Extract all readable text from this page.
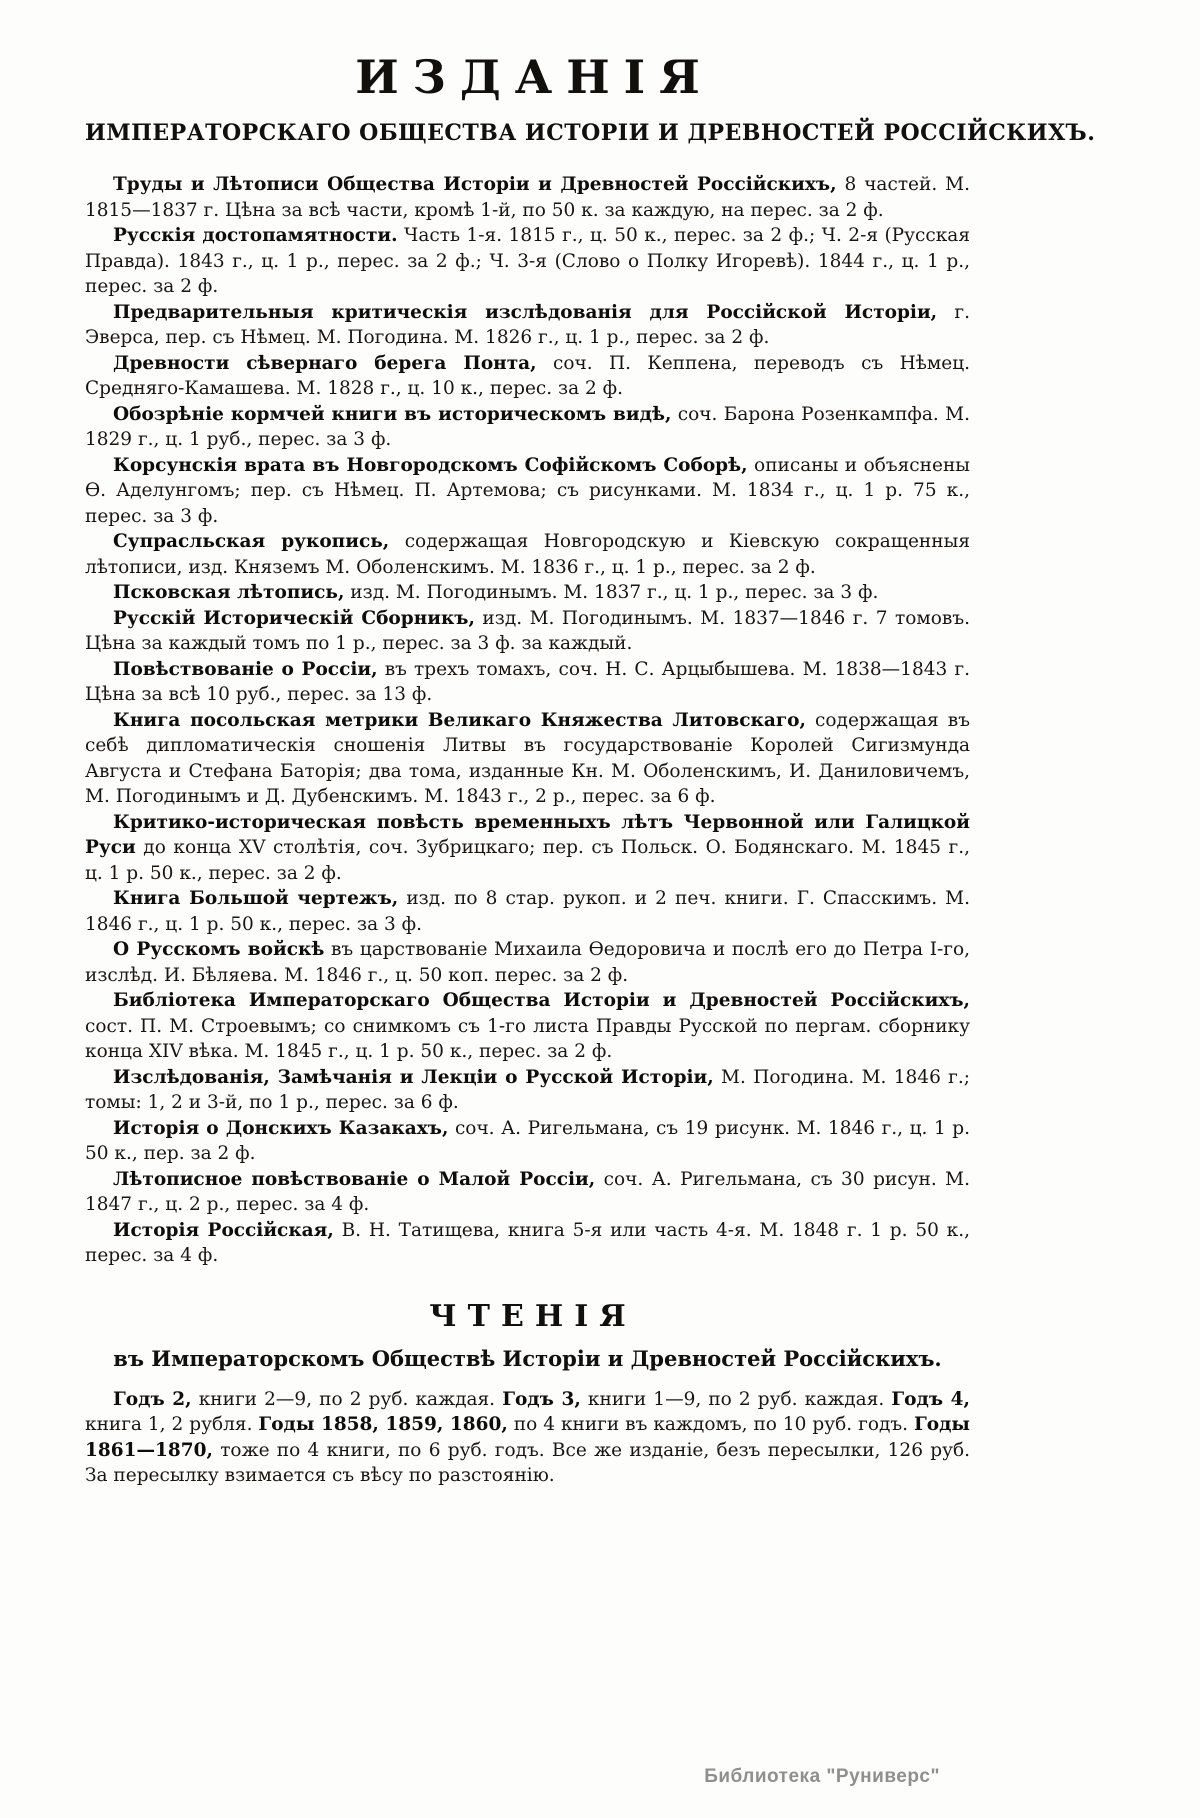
ИЗДАНІЯ
ИМПЕРАТОРСКАГО ОБЩЕСТВА ИСТОРІИ И ДРЕВНОСТЕЙ РОССІЙСКИХЪ.

Труды и Лѣтописи Общества Исторіи и Древностей Россійскихъ, 8 частей. М. 1815—1837 г. Цѣна за всѣ части, кромѣ 1-й, по 50 к. за каждую, на перес. за 2 ф.

Русскія достопамятности. Часть 1-я. 1815 г., ц. 50 к., перес. за 2 ф.; Ч. 2-я (Русская Правда). 1843 г., ц. 1 р., перес. за 2 ф.; Ч. 3-я (Слово о Полку Игоревѣ). 1844 г., ц. 1 р., перес. за 2 ф.

Предварительныя критическія изслѣдованія для Россійской Исторіи, г. Эверса, пер. съ Нѣмец. М. Погодина. М. 1826 г., ц. 1 р., перес. за 2 ф.

Древности сѣвернаго берега Понта, соч. П. Кеппена, переводъ съ Нѣмец. Средняго-Камашева. М. 1828 г., ц. 10 к., перес. за 2 ф.

Обозрѣніе кормчей книги въ историческомъ видѣ, соч. Барона Розенкампфа. М. 1829 г., ц. 1 руб., перес. за 3 ф.

Корсунскія врата въ Новгородскомъ Софійскомъ Соборѣ, описаны и объяснены Ѳ. Аделунгомъ; пер. съ Нѣмец. П. Артемова; съ рисунками. М. 1834 г., ц. 1 р. 75 к., перес. за 3 ф.

Супрасльская рукопись, содержащая Новгородскую и Кіевскую сокращенныя лѣтописи, изд. Княземъ М. Оболенскимъ. М. 1836 г., ц. 1 р., перес. за 2 ф.

Псковская лѣтопись, изд. М. Погодинымъ. М. 1837 г., ц. 1 р., перес. за 3 ф.

Русскій Историческій Сборникъ, изд. М. Погодинымъ. М. 1837—1846 г. 7 томовъ. Цѣна за каждый томъ по 1 р., перес. за 3 ф. за каждый.

Повѣствованіе о Россіи, въ трехъ томахъ, соч. Н. С. Арцыбышева. М. 1838—1843 г. Цѣна за всѣ 10 руб., перес. за 13 ф.

Книга посольская метрики Великаго Княжества Литовскаго, содержащая въ себѣ дипломатическія сношенія Литвы въ государствованіе Королей Сигизмунда Августа и Стефана Баторія; два тома, изданные Кн. М. Оболенскимъ, И. Даниловичемъ, М. Погодинымъ и Д. Дубенскимъ. М. 1843 г., 2 р., перес. за 6 ф.

Критико-историческая повѣсть временныхъ лѣтъ Червонной или Галицкой Руси до конца XV столѣтія, соч. Зубрицкаго; пер. съ Польск. О. Бодянскаго. М. 1845 г., ц. 1 р. 50 к., перес. за 2 ф.

Книга Большой чертежъ, изд. по 8 стар. рукоп. и 2 печ. книги. Г. Спасскимъ. М. 1846 г., ц. 1 р. 50 к., перес. за 3 ф.

О Русскомъ войскѣ въ царствованіе Михаила Ѳедоровича и послѣ его до Петра I-го, изслѣд. И. Бѣляева. М. 1846 г., ц. 50 коп. перес. за 2 ф.

Библіотека Императорскаго Общества Исторіи и Древностей Россійскихъ, сост. П. М. Строевымъ; со снимкомъ съ 1-го листа Правды Русской по пергам. сборнику конца XIV вѣка. М. 1845 г., ц. 1 р. 50 к., перес. за 2 ф.

Изслѣдованія, Замѣчанія и Лекціи о Русской Исторіи, М. Погодина. М. 1846 г.; томы: 1, 2 и 3-й, по 1 р., перес. за 6 ф.

Исторія о Донскихъ Казакахъ, соч. А. Ригельмана, съ 19 рисунк. М. 1846 г., ц. 1 р. 50 к., пер. за 2 ф.

Лѣтописное повѣствованіе о Малой Россіи, соч. А. Ригельмана, съ 30 рисун. М. 1847 г., ц. 2 р., перес. за 4 ф.

Исторія Россійская, В. Н. Татищева, книга 5-я или часть 4-я. М. 1848 г. 1 р. 50 к., перес. за 4 ф.

ЧТЕНІЯ
въ Императорскомъ Обществѣ Исторіи и Древностей Россійскихъ.

Годъ 2, книги 2—9, по 2 руб. каждая. Годъ 3, книги 1—9, по 2 руб. каждая. Годъ 4, книга 1, 2 рубля. Годы 1858, 1859, 1860, по 4 книги въ каждомъ, по 10 руб. годъ. Годы 1861—1870, тоже по 4 книги, по 6 руб. годъ. Все же изданіе, безъ пересылки, 126 руб. За пересылку взимается съ вѣсу по разстоянію.

Библиотека "Руниверс"
